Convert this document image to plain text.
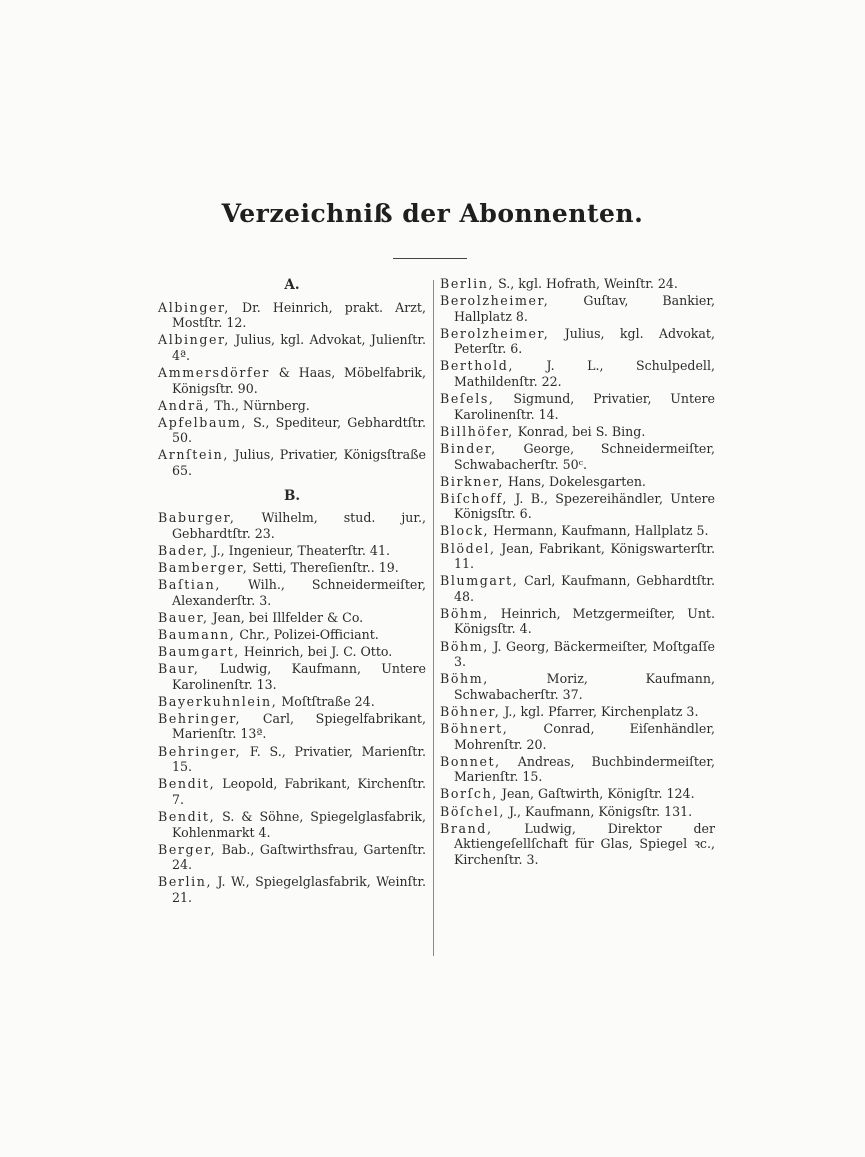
Verzeichniß der Abonnenten.
A.

Albinger, Dr. Heinrich, prakt. Arzt, Mostſtr. 12.

Albinger, Julius, kgl. Advokat, Julienſtr. 4ª.

Ammersdörfer & Haas, Möbelfabrik, Königsſtr. 90.

Andrä, Th., Nürnberg.

Apfelbaum, S., Spediteur, Gebhardtſtr. 50.

Arnſtein, Julius, Privatier, Königsſtraße 65.

B.

Baburger, Wilhelm, stud. jur., Gebhardtſtr. 23.

Bader, J., Ingenieur, Theaterſtr. 41.

Bamberger, Setti, Thereſienſtr.. 19.

Baſtian, Wilh., Schneidermeiſter, Alexanderſtr. 3.

Bauer, Jean, bei Illfelder & Co.

Baumann, Chr., Polizei-Officiant.

Baumgart, Heinrich, bei J. C. Otto.

Baur, Ludwig, Kaufmann, Untere Karolinenſtr. 13.

Bayerkuhnlein, Moſtſtraße 24.

Behringer, Carl, Spiegelfabrikant, Marienſtr. 13ª.

Behringer, F. S., Privatier, Marienſtr. 15.

Bendit, Leopold, Fabrikant, Kirchenſtr. 7.

Bendit, S. & Söhne, Spiegelglasfabrik, Kohlenmarkt 4.

Berger, Bab., Gaſtwirthsfrau, Gartenſtr. 24.

Berlin, J. W., Spiegelglasfabrik, Weinſtr. 21.

Berlin, S., kgl. Hofrath, Weinſtr. 24.

Berolzheimer, Guſtav, Bankier, Hallplatz 8.

Berolzheimer, Julius, kgl. Advokat, Peterſtr. 6.

Berthold, J. L., Schulpedell, Mathildenſtr. 22.

Beſels, Sigmund, Privatier, Untere Karolinenſtr. 14.

Billhöfer, Konrad, bei S. Bing.

Binder, George, Schneidermeiſter, Schwabacherſtr. 50ᶜ.

Birkner, Hans, Dokelesgarten.

Biſchoff, J. B., Spezereihändler, Untere Königsſtr. 6.

Block, Hermann, Kaufmann, Hallplatz 5.

Blödel, Jean, Fabrikant, Königswarterſtr. 11.

Blumgart, Carl, Kaufmann, Gebhardtſtr. 48.

Böhm, Heinrich, Metzgermeiſter, Unt. Königsſtr. 4.

Böhm, J. Georg, Bäckermeiſter, Moſtgaſſe 3.

Böhm, Moriz, Kaufmann, Schwabacherſtr. 37.

Böhner, J., kgl. Pfarrer, Kirchenplatz 3.

Böhnert, Conrad, Eiſenhändler, Mohrenſtr. 20.

Bonnet, Andreas, Buchbindermeiſter, Marienſtr. 15.

Borſch, Jean, Gaſtwirth, Königſtr. 124.

Böſchel, J., Kaufmann, Königsſtr. 131.

Brand, Ludwig, Direktor der Aktiengeſellſchaft für Glas, Spiegel ꝛc., Kirchenſtr. 3.
